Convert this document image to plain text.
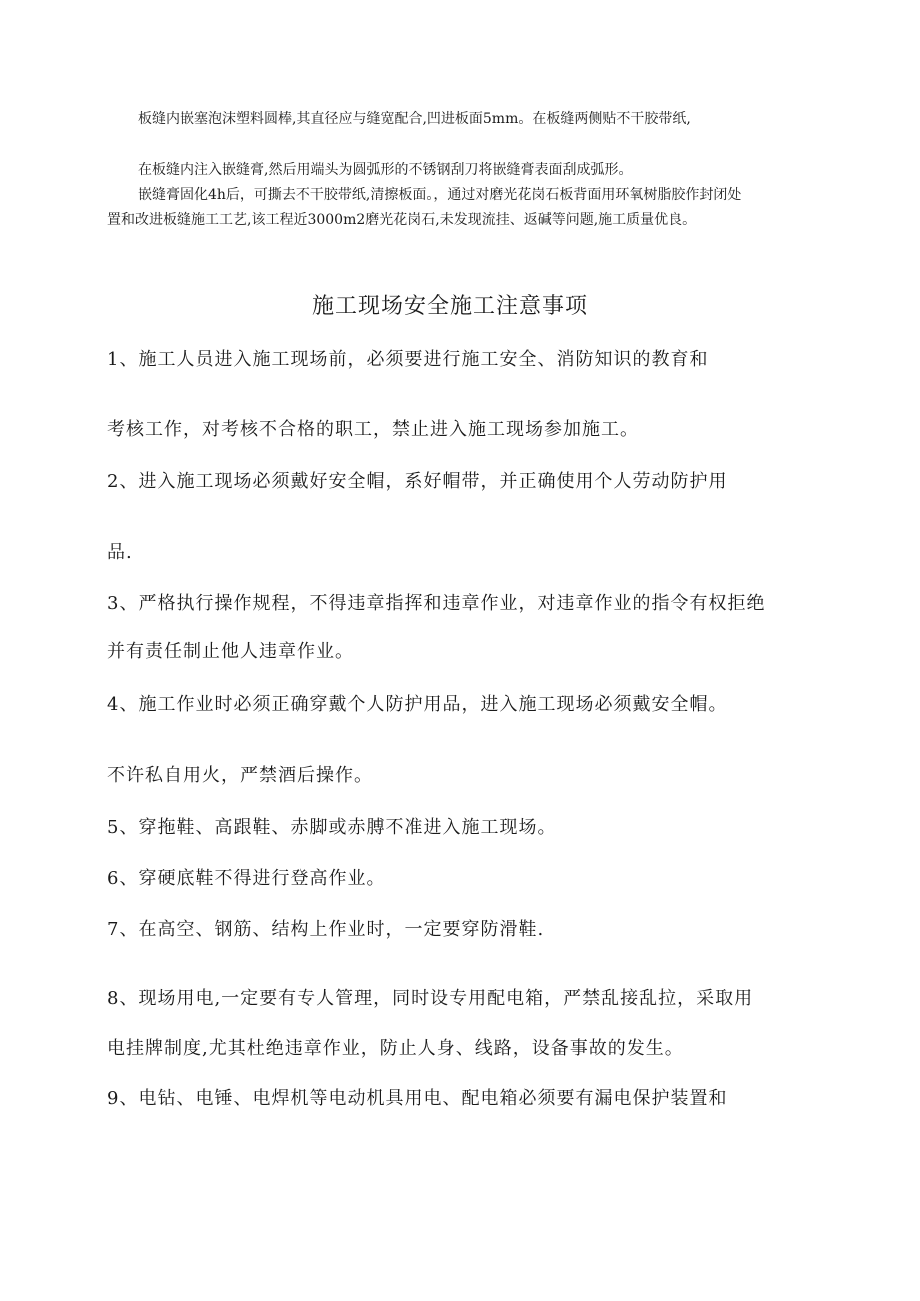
板缝内嵌塞泡沫塑料圆棒,其直径应与缝宽配合,凹进板面5mm。在板缝两侧贴不干胶带纸,

在板缝内注入嵌缝膏,然后用端头为圆弧形的不锈钢刮刀将嵌缝膏表面刮成弧形。

嵌缝膏固化4h后，可撕去不干胶带纸,清擦板面。，通过对磨光花岗石板背面用环氧树脂胶作封闭处

置和改进板缝施工工艺,该工程近3000m2磨光花岗石,未发现流挂、返碱等问题,施工质量优良。

施工现场安全施工注意事项

1、施工人员进入施工现场前，必须要进行施工安全、消防知识的教育和

考核工作，对考核不合格的职工，禁止进入施工现场参加施工。

2、进入施工现场必须戴好安全帽，系好帽带，并正确使用个人劳动防护用

品.

3、严格执行操作规程，不得违章指挥和违章作业，对违章作业的指令有权拒绝

并有责任制止他人违章作业。

4、施工作业时必须正确穿戴个人防护用品，进入施工现场必须戴安全帽。

不许私自用火，严禁酒后操作。

5、穿拖鞋、高跟鞋、赤脚或赤膊不准进入施工现场。

6、穿硬底鞋不得进行登高作业。

7、在高空、钢筋、结构上作业时，一定要穿防滑鞋.

8、现场用电,一定要有专人管理，同时设专用配电箱，严禁乱接乱拉，采取用

电挂牌制度,尤其杜绝违章作业，防止人身、线路，设备事故的发生。

9、电钻、电锤、电焊机等电动机具用电、配电箱必须要有漏电保护装置和
